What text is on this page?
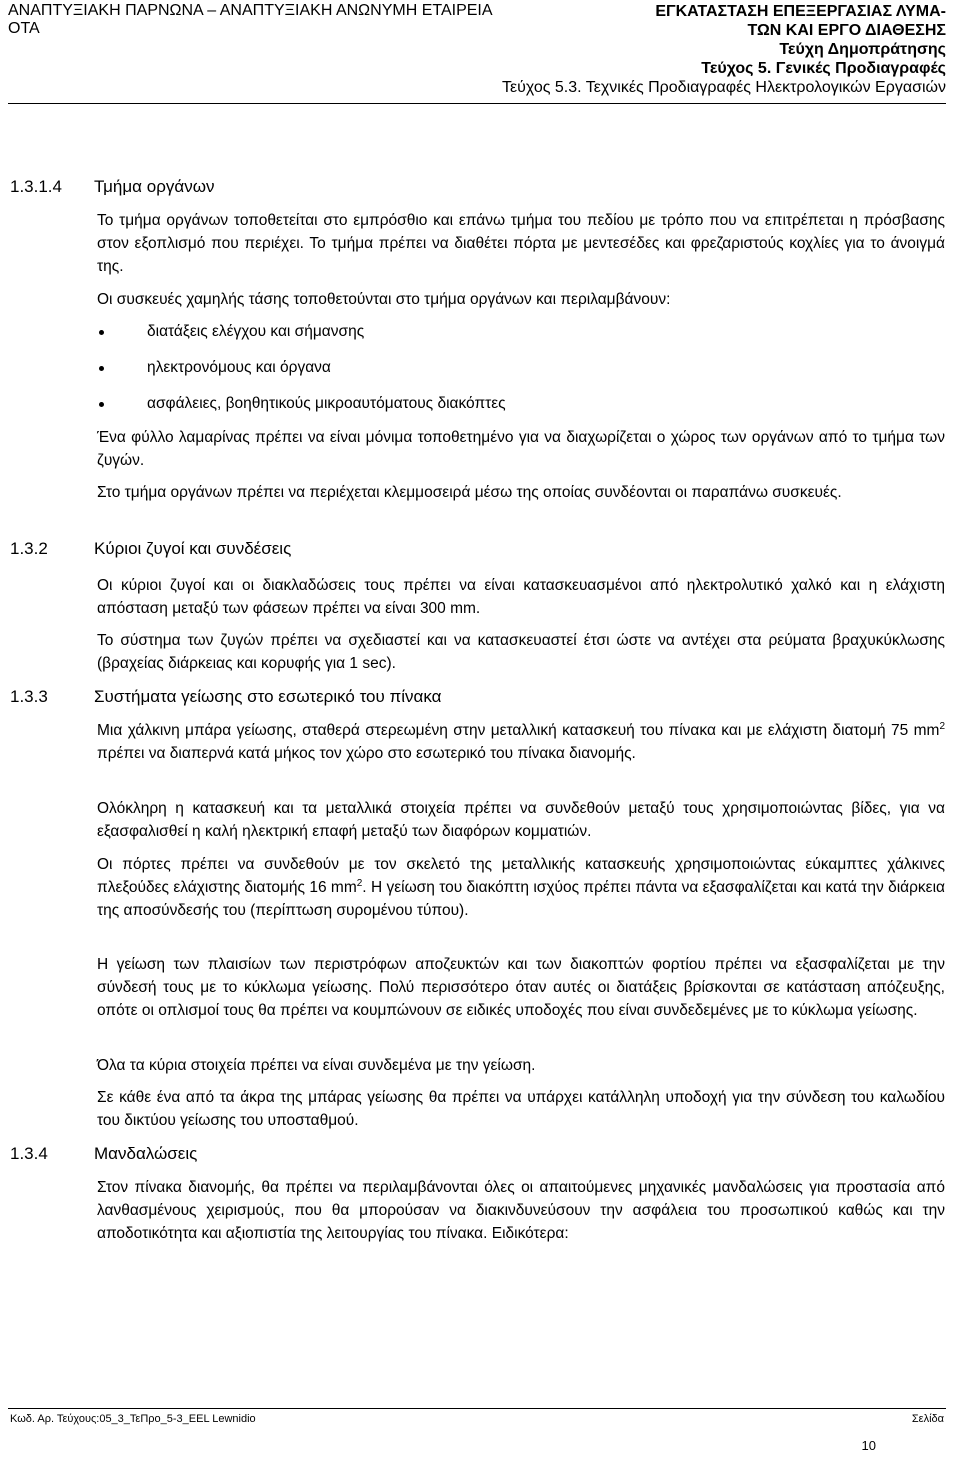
ΑΝΑΠΤΥΞΙΑΚΗ ΠΑΡΝΩΝΑ – ΑΝΑΠΤΥΞΙΑΚΗ ΑΝΩΝΥΜΗ ΕΤΑΙΡΕΙΑ
ΟΤΑ
ΕΓΚΑΤΑΣΤΑΣΗ ΕΠΕΞΕΡΓΑΣΙΑΣ ΛΥΜΑ-
ΤΩΝ ΚΑΙ ΕΡΓΟ ΔΙΑΘΕΣΗΣ
Τεύχη Δημοπράτησης
Τεύχος 5. Γενικές Προδιαγραφές
Τεύχος 5.3. Τεχνικές Προδιαγραφές Ηλεκτρολογικών Εργασιών
1.3.1.4 Τμήμα οργάνων
Το τμήμα οργάνων τοποθετείται στο εμπρόσθιο και επάνω τμήμα του πεδίου με τρόπο που να επιτρέπεται η πρόσβασης στον εξοπλισμό που περιέχει. Το τμήμα πρέπει να διαθέτει πόρτα με μεντεσέδες και φρεζαριστούς κοχλίες για το άνοιγμά της.
Οι συσκευές χαμηλής τάσης τοποθετούνται στο τμήμα οργάνων και περιλαμβάνουν:
διατάξεις ελέγχου και σήμανσης
ηλεκτρονόμους και όργανα
ασφάλειες, βοηθητικούς μικροαυτόματους διακόπτες
Ένα φύλλο λαμαρίνας πρέπει να είναι μόνιμα τοποθετημένο για να διαχωρίζεται ο χώρος των οργάνων από το τμήμα των ζυγών.
Στο τμήμα οργάνων πρέπει να περιέχεται κλεμμοσειρά μέσω της οποίας συνδέονται οι παραπάνω συσκευές.
1.3.2	Κύριοι ζυγοί και συνδέσεις
Οι κύριοι ζυγοί και οι διακλαδώσεις τους πρέπει να είναι κατασκευασμένοι από ηλεκτρολυτικό χαλκό και η ελάχιστη απόσταση μεταξύ των φάσεων πρέπει να είναι 300 mm.
Το σύστημα των ζυγών πρέπει να σχεδιαστεί και να κατασκευαστεί έτσι ώστε να αντέχει στα ρεύματα βραχυκύκλωσης (βραχείας διάρκειας και κορυφής για 1 sec).
1.3.3	Συστήματα γείωσης στο εσωτερικό του πίνακα
Μια χάλκινη μπάρα γείωσης, σταθερά στερεωμένη στην μεταλλική κατασκευή του πίνακα και με ελάχιστη διατομή 75 $mm^2$ πρέπει να διαπερνά κατά μήκος τον χώρο στο εσωτερικό του πίνακα διανομής.
Ολόκληρη η κατασκευή και τα μεταλλικά στοιχεία πρέπει να συνδεθούν μεταξύ τους χρησιμοποιώντας βίδες, για να εξασφαλισθεί η καλή ηλεκτρική επαφή μεταξύ των διαφόρων κομματιών.
Οι πόρτες πρέπει να συνδεθούν με τον σκελετό της μεταλλικής κατασκευής χρησιμοποιώντας εύκαμπτες χάλκινες πλεξούδες ελάχιστης διατομής 16 $mm^2$. Η γείωση του διακόπτη ισχύος πρέπει πάντα να εξασφαλίζεται και κατά την διάρκεια της αποσύνδεσής του (περίπτωση συρομένου τύπου).
Η γείωση των πλαισίων των περιστρόφων αποζευκτών και των διακοπτών φορτίου πρέπει να εξασφαλίζεται με την σύνδεσή τους με το κύκλωμα γείωσης. Πολύ περισσότερο όταν αυτές οι διατάξεις βρίσκονται σε κατάσταση απόζευξης, οπότε οι οπλισμοί τους θα πρέπει να κουμπώνουν σε ειδικές υποδοχές που είναι συνδεδεμένες με το κύκλωμα γείωσης.
Όλα τα κύρια στοιχεία πρέπει να είναι συνδεμένα με την γείωση.
Σε κάθε ένα από τα άκρα της μπάρας γείωσης θα πρέπει να υπάρχει κατάλληλη υποδοχή για την σύνδεση του καλωδίου του δικτύου γείωσης του υποσταθμού.
1.3.4	Μανδαλώσεις
Στον πίνακα διανομής, θα πρέπει να περιλαμβάνονται όλες οι απαιτούμενες μηχανικές μανδαλώσεις για προστασία από λανθασμένους χειρισμούς, που θα μπορούσαν να διακινδυνεύσουν την ασφάλεια του προσωπικού καθώς και την αποδοτικότητα και αξιοπιστία της λειτουργίας του πίνακα. Ειδικότερα:
Κωδ. Αρ. Τεύχους:05_3_ΤεΠρο_5-3_EEL Lewnidio	Σελίδα
10
